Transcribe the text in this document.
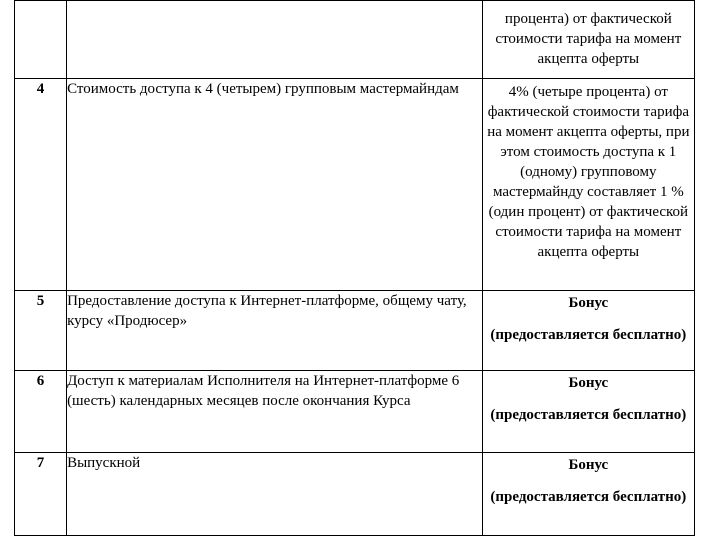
		процента) от фактической стоимости тарифа на момент акцепта оферты
4	Стоимость доступа к 4 (четырем) групповым мастермайндам	4% (четыре процента) от фактической стоимости тарифа на момент акцепта оферты, при этом стоимость доступа к 1 (одному) групповому мастермайнду составляет 1 % (один процент) от фактической стоимости тарифа на момент акцепта оферты
5	Предоставление доступа к Интернет-платформе, общему чату, курсу «Продюсер»	Бонус
(предоставляется бесплатно)

6	Доступ к материалам Исполнителя на Интернет-платформе 6 (шесть) календарных месяцев после окончания Курса	Бонус
(предоставляется бесплатно)

7	Выпускной	Бонус
(предоставляется бесплатно)
